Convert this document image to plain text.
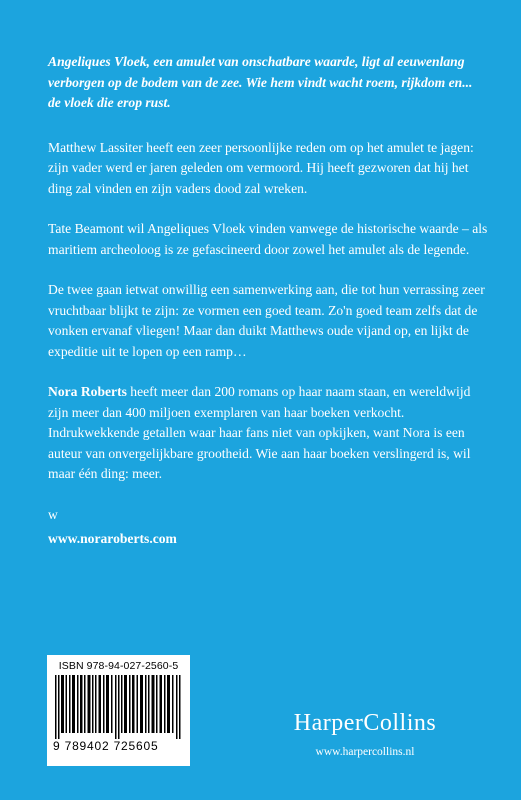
Angeliques Vloek, een amulet van onschatbare waarde, ligt al eeuwenlang verborgen op de bodem van de zee. Wie hem vindt wacht roem, rijkdom en... de vloek die erop rust.

Matthew Lassiter heeft een zeer persoonlijke reden om op het amulet te jagen: zijn vader werd er jaren geleden om vermoord. Hij heeft gezworen dat hij het ding zal vinden en zijn vaders dood zal wreken.

Tate Beamont wil Angeliques Vloek vinden vanwege de historische waarde – als maritiem archeoloog is ze gefascineerd door zowel het amulet als de legende.

De twee gaan ietwat onwillig een samenwerking aan, die tot hun verrassing zeer vruchtbaar blijkt te zijn: ze vormen een goed team. Zo'n goed team zelfs dat de vonken ervanaf vliegen! Maar dan duikt Matthews oude vijand op, en lijkt de expeditie uit te lopen op een ramp…

Nora Roberts heeft meer dan 200 romans op haar naam staan, en wereldwijd zijn meer dan 400 miljoen exemplaren van haar boeken verkocht. Indrukwekkende getallen waar haar fans niet van opkijken, want Nora is een auteur van onvergelijkbare grootheid. Wie aan haar boeken verslingerd is, wil maar één ding: meer.

w

www.noraroberts.com

ISBN 978-94-027-2560-5
9 789402 725605
HarperCollins
www.harpercollins.nl
